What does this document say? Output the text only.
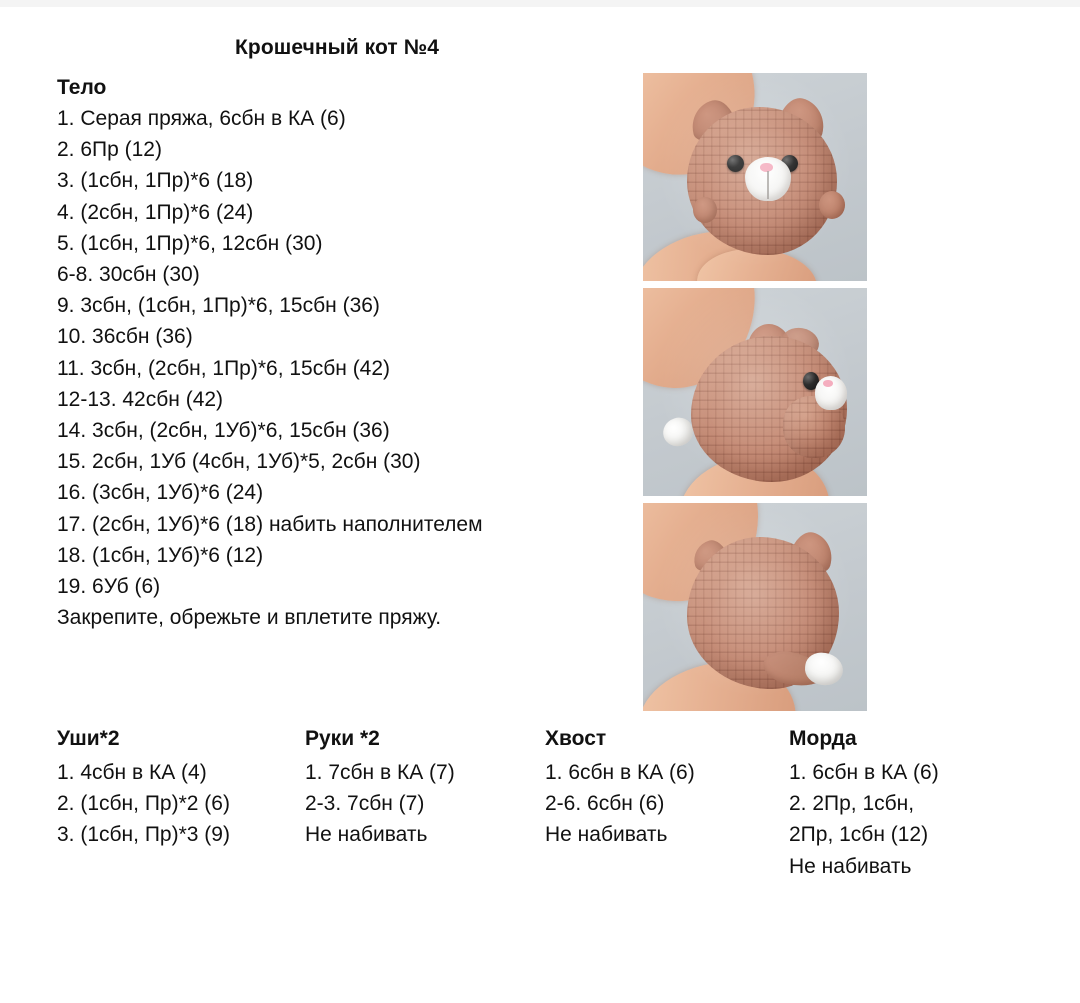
Крошечный кот №4
Тело
1. Серая пряжа, 6сбн в КА (6)
2. 6Пр (12)
3. (1сбн, 1Пр)*6 (18)
4. (2сбн, 1Пр)*6 (24)
5. (1сбн, 1Пр)*6, 12сбн (30)
6-8. 30сбн (30)
9. 3сбн, (1сбн, 1Пр)*6, 15сбн (36)
10. 36сбн (36)
11. 3сбн, (2сбн, 1Пр)*6, 15сбн (42)
12-13. 42сбн (42)
14. 3сбн, (2сбн, 1Уб)*6, 15сбн (36)
15. 2сбн, 1Уб (4сбн, 1Уб)*5, 2сбн (30)
16. (3сбн, 1Уб)*6 (24)
17. (2сбн, 1Уб)*6 (18) набить наполнителем
18. (1сбн, 1Уб)*6 (12)
19. 6Уб (6)
Закрепите, обрежьте и вплетите пряжу.
Уши*2
1. 4сбн в КА (4)
2. (1сбн, Пр)*2 (6)
3. (1сбн, Пр)*3 (9)
Руки *2
1. 7сбн в КА (7)
2-3. 7сбн (7)
Не набивать
Хвост
1. 6сбн в КА (6)
2-6. 6сбн (6)
Не набивать
Морда
1. 6сбн в КА (6)
2. 2Пр, 1сбн,
2Пр, 1сбн (12)
Не набивать
